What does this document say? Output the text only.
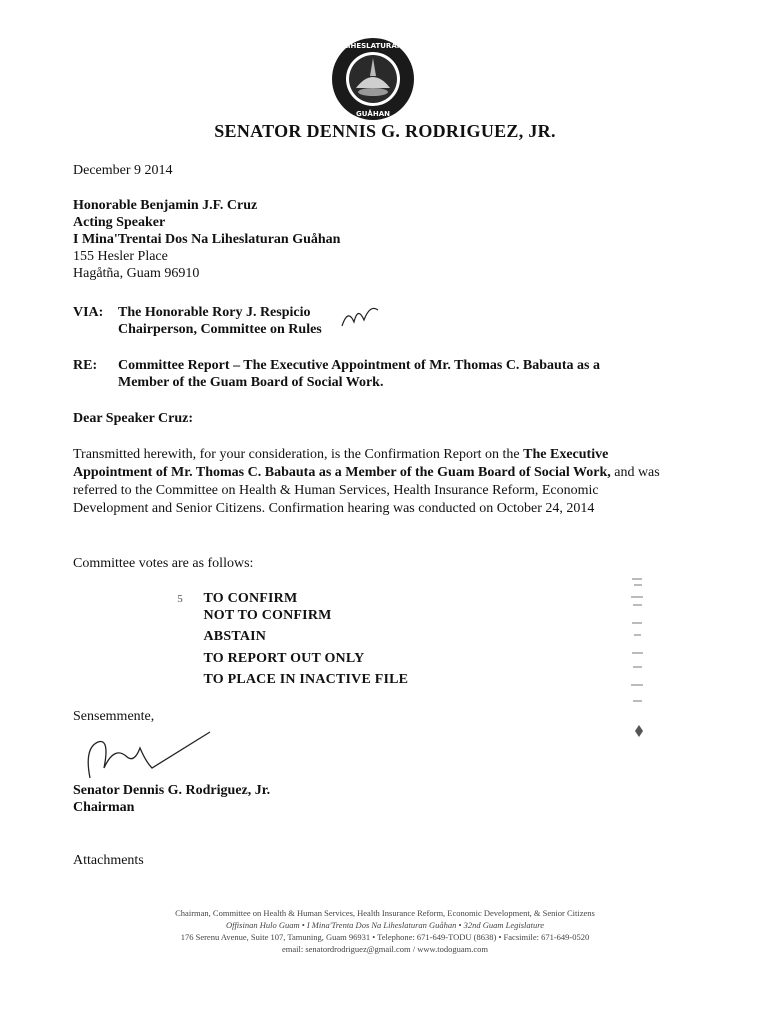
LIHESLATURAN
GUÅHAN
SENATOR DENNIS G. RODRIGUEZ, JR.
December 9 2014
Honorable Benjamin J.F. Cruz
Acting Speaker
I Mina'Trentai Dos Na Liheslaturan Guåhan
155 Hesler Place
Hagåtña, Guam 96910
VIA: The Honorable Rory J. Respicio
Chairperson, Committee on Rules
RE: Committee Report – The Executive Appointment of Mr. Thomas C. Babauta as a
Member of the Guam Board of Social Work.
Dear Speaker Cruz:
Transmitted herewith, for your consideration, is the Confirmation Report on the The Executive Appointment of Mr. Thomas C. Babauta as a Member of the Guam Board of Social Work, and was referred to the Committee on Health & Human Services, Health Insurance Reform, Economic Development and Senior Citizens. Confirmation hearing was conducted on October 24, 2014
Committee votes are as follows:
5 TO CONFIRM
NOT TO CONFIRM
ABSTAIN
TO REPORT OUT ONLY
TO PLACE IN INACTIVE FILE
Sensemmente,
Senator Dennis G. Rodriguez, Jr.
Chairman
Attachments
Chairman, Committee on Health & Human Services, Health Insurance Reform, Economic Development, & Senior Citizens
Offisinan Hulo Guam • I Mina'Trenta Dos Na Liheslaturan Guåhan • 32nd Guam Legislature
176 Serenu Avenue, Suite 107, Tamuning, Guam 96931 • Telephone: 671-649-TODU (8638) • Facsimile: 671-649-0520
email: senatordrodriguez@gmail.com / www.todoguam.com
